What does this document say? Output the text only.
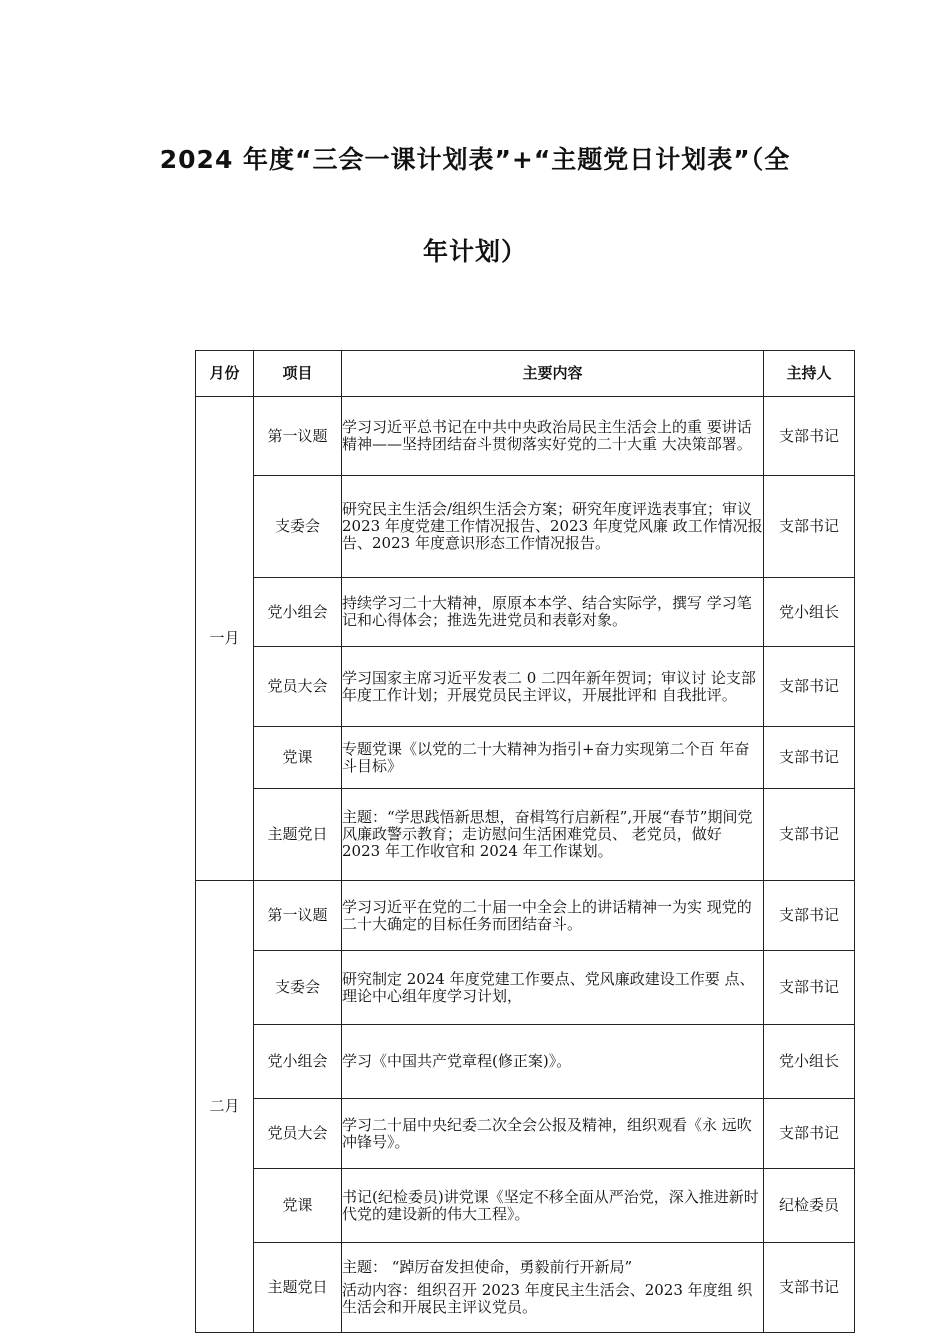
2024 年度“三会一课计划表”+“主题党日计划表”（全
年计划）
月份	项目	主要内容	主持人
一月	第一议题	学习习近平总书记在中共中央政治局民主生活会上的重 要讲话精神——坚持团结奋斗贯彻落实好党的二十大重 大决策部署。	支部书记
	支委会	研究民主生活会/组织生活会方案；研究年度评选表事宜；审议 2023 年度党建工作情况报告、2023 年度党风廉 政工作情况报告、2023 年度意识形态工作情况报告。	支部书记
	党小组会	持续学习二十大精神，原原本本学、结合实际学，撰写 学习笔记和心得体会；推选先进党员和表彰对象。	党小组长
	党员大会	学习国家主席习近平发表二 0 二四年新年贺词；审议讨 论支部年度工作计划；开展党员民主评议，开展批评和 自我批评。	支部书记
	党课	专题党课《以党的二十大精神为指引+奋力实现第二个百 年奋斗目标》	支部书记
	主题党日	主题：“学思践悟新思想，奋楫笃行启新程”,开展“春节”期间党风廉政警示教育；走访慰问生活困难党员、 老党员，做好 2023 年工作收官和 2024 年工作谋划。	支部书记
二月	第一议题	学习习近平在党的二十届一中全会上的讲话精神一为实 现党的二十大确定的目标任务而团结奋斗。	支部书记
	支委会	研究制定 2024 年度党建工作要点、党风廉政建设工作要 点、理论中心组年度学习计划，	支部书记
	党小组会	学习《中国共产党章程(修正案)》。	党小组长
	党员大会	学习二十届中央纪委二次全会公报及精神，组织观看《永 远吹冲锋号》。	支部书记
	党课	书记(纪检委员)讲党课《坚定不移全面从严治党，深入推进新时代党的建设新的伟大工程》。	纪检委员
	主题党日	主题： “踔厉奋发担使命，勇毅前行开新局”
活动内容：组织召开 2023 年度民主生活会、2023 年度组 织生活会和开展民主评议党员。	支部书记
